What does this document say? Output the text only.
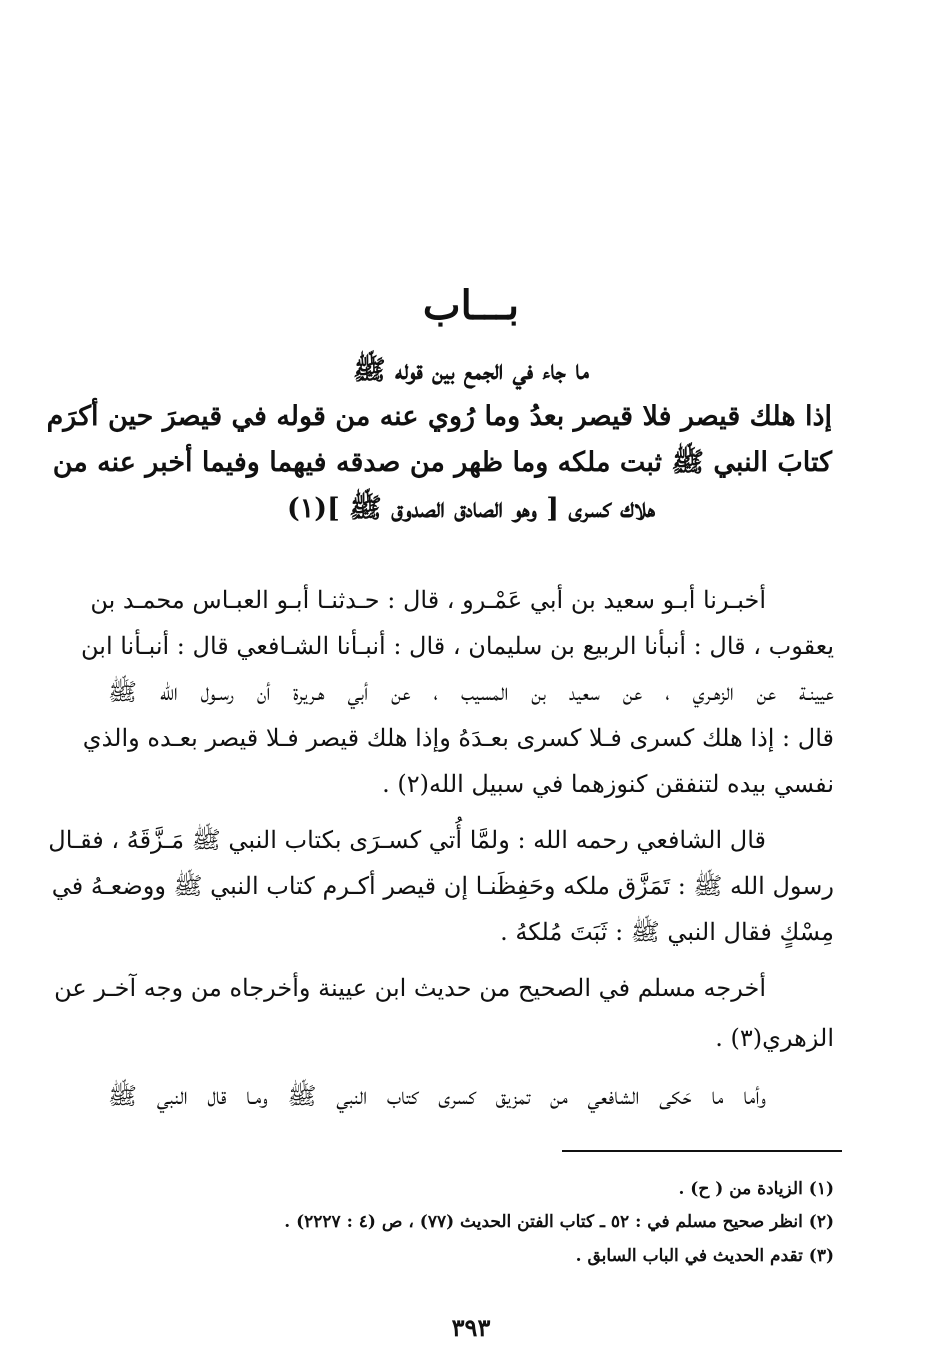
بـــاب
ما جاء في الجمع بين قوله ﷺ
إذا هلك قيصر فلا قيصر بعدُ وما رُوي عنه من قوله في قيصرَ حين أكرَم
كتابَ النبي ﷺ ثبت ملكه وما ظهر من صدقه فيهما وفيما أخبر عنه من
هلاك كسرى [ وهو الصادق الصدوق ﷺ ](١)
أخبـرنا أبـو سعيد بن أبي عَمْـرو ، قال : حـدثنـا أبـو العبـاس محمـد بن
يعقوب ، قال : أنبأنا الربيع بن سليمان ، قال : أنبـأنا الشـافعي قال : أنبـأنا ابن
عيينـة عن الزهـري ، عن سعيد بن المسيب ، عن أبي هـريرة أن رسـول الله ﷺ
قال : إذا هلك كسرى فـلا كسرى بعـدَهُ وإذا هلك قيصر فـلا قيصر بعـده والذي
نفسي بيده لتنفقن كنوزهما في سبيل الله(٢) .
قال الشافعي رحمه الله : ولمَّا أُتي كسـرَى بكتاب النبي ﷺ مَـزَّقَهُ ، فقـال
رسول الله ﷺ : تَمَزَّق ملكه وحَفِظَنـا إن قيصر أكـرم كتاب النبي ﷺ ووضعـهُ في
مِسْكٍ فقال النبي ﷺ : ثَبَتَ مُلكهُ .
أخرجه مسلم في الصحيح من حديث ابن عيينة وأخرجاه من وجه آخـر عن
الزهري(٣) .
وأما ما حَكى الشافعي من تمزيق كسرى كتاب النبي ﷺ ومـا قال النبي ﷺ
(١) الزيادة من ( ح) .
(٢) انظر صحيح مسلم في : ٥٢ ـ كتاب الفتن الحديث (٧٧) ، ص (٤ : ٢٢٢٧) .
(٣) تقدم الحديث في الباب السابق .
٣٩٣
